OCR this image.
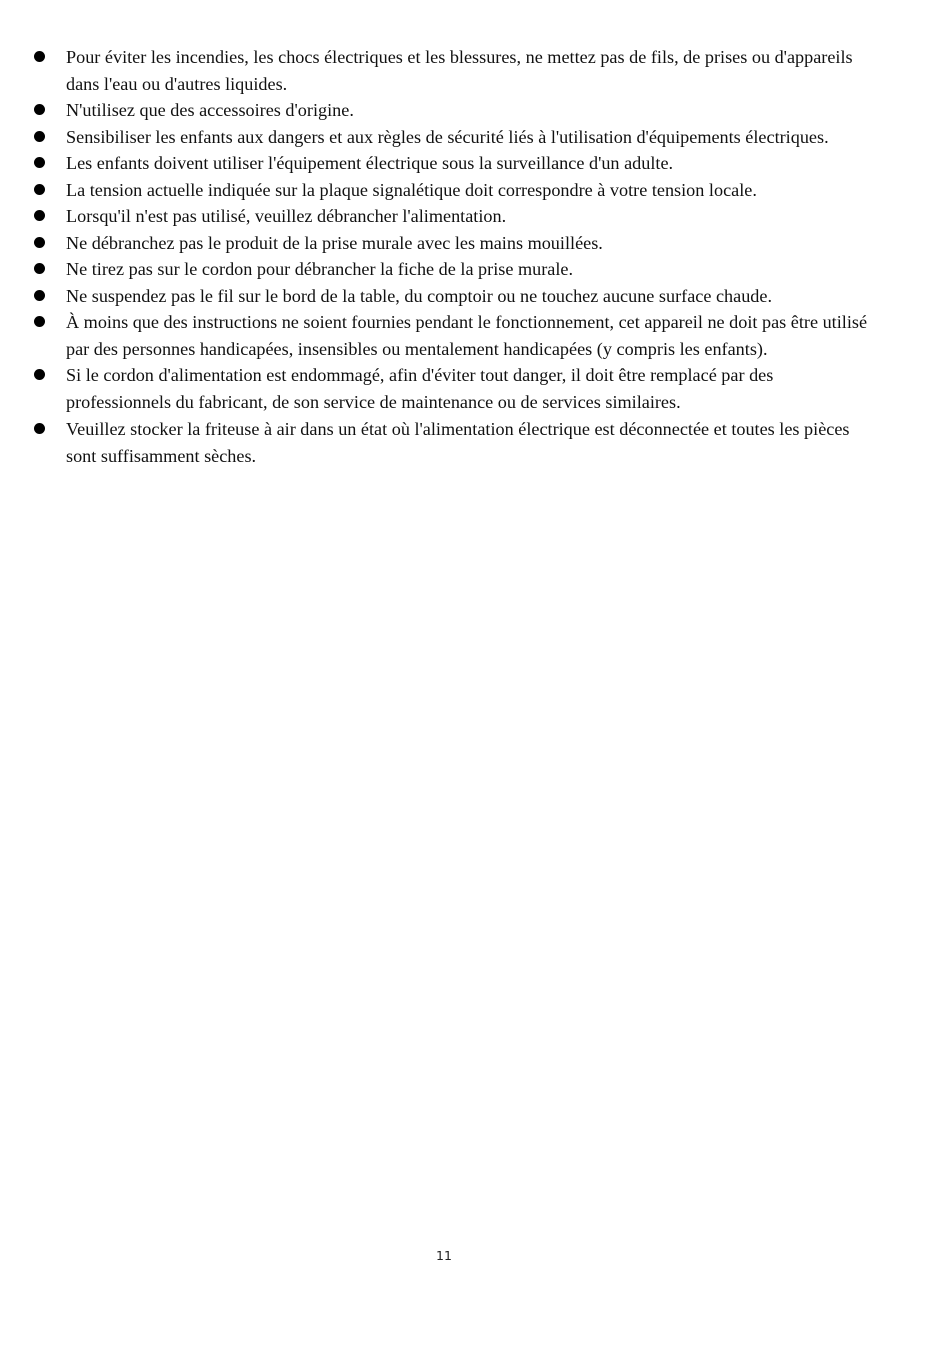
Pour éviter les incendies, les chocs électriques et les blessures, ne mettez pas de fils, de prises ou d'appareils dans l'eau ou d'autres liquides.
N'utilisez que des accessoires d'origine.
Sensibiliser les enfants aux dangers et aux règles de sécurité liés à l'utilisation d'équipements électriques.
Les enfants doivent utiliser l'équipement électrique sous la surveillance d'un adulte.
La tension actuelle indiquée sur la plaque signalétique doit correspondre à votre tension locale.
Lorsqu'il n'est pas utilisé, veuillez débrancher l'alimentation.
Ne débranchez pas le produit de la prise murale avec les mains mouillées.
Ne tirez pas sur le cordon pour débrancher la fiche de la prise murale.
Ne suspendez pas le fil sur le bord de la table, du comptoir ou ne touchez aucune surface chaude.
À moins que des instructions ne soient fournies pendant le fonctionnement, cet appareil ne doit pas être utilisé par des personnes handicapées, insensibles ou mentalement handicapées (y compris les enfants).
Si le cordon d'alimentation est endommagé, afin d'éviter tout danger, il doit être remplacé par des professionnels du fabricant, de son service de maintenance ou de services similaires.
Veuillez stocker la friteuse à air dans un état où l'alimentation électrique est déconnectée et toutes les pièces sont suffisamment sèches.
11
